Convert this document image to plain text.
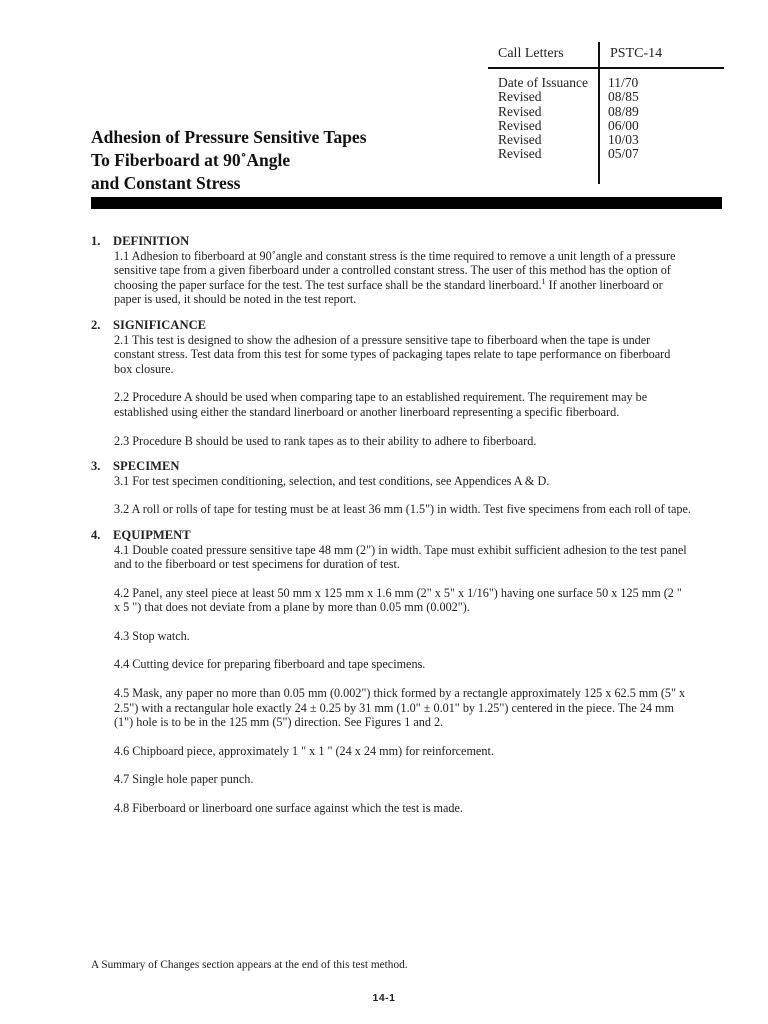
Call Letters	PSTC-14
Date of Issuance 11/70
Revised	08/85
Revised	08/89
Revised	06/00
Revised	10/03
Revised	05/07
Adhesion of Pressure Sensitive Tapes
To Fiberboard at 90˚Angle
and Constant Stress
1. DEFINITION
1.1 Adhesion to fiberboard at 90˚angle and constant stress is the time required to remove a unit length of a pressure sensitive tape from a given fiberboard under a controlled constant stress. The user of this method has the option of choosing the paper surface for the test. The test surface shall be the standard linerboard.$^1$ If another linerboard or paper is used, it should be noted in the test report.
2. SIGNIFICANCE
2.1 This test is designed to show the adhesion of a pressure sensitive tape to fiberboard when the tape is under constant stress. Test data from this test for some types of packaging tapes relate to tape performance on fiberboard box closure.
2.2 Procedure A should be used when comparing tape to an established requirement. The requirement may be established using either the standard linerboard or another linerboard representing a specific fiberboard.
2.3 Procedure B should be used to rank tapes as to their ability to adhere to fiberboard.
3. SPECIMEN
3.1 For test specimen conditioning, selection, and test conditions, see Appendices A & D.
3.2 A roll or rolls of tape for testing must be at least 36 mm (1.5") in width. Test five specimens from each roll of tape.
4. EQUIPMENT
4.1 Double coated pressure sensitive tape 48 mm (2") in width. Tape must exhibit sufficient adhesion to the test panel and to the fiberboard or test specimens for duration of test.
4.2 Panel, any steel piece at least 50 mm x 125 mm x 1.6 mm (2" x 5" x 1/16") having one surface 50 x 125 mm (2 " x 5 ") that does not deviate from a plane by more than 0.05 mm (0.002").
4.3 Stop watch.
4.4 Cutting device for preparing fiberboard and tape specimens.
4.5 Mask, any paper no more than 0.05 mm (0.002") thick formed by a rectangle approximately 125 x 62.5 mm (5" x 2.5") with a rectangular hole exactly 24 ± 0.25 by 31 mm (1.0" ± 0.01" by 1.25") centered in the piece. The 24 mm (1") hole is to be in the 125 mm (5") direction. See Figures 1 and 2.
4.6 Chipboard piece, approximately 1 " x 1 " (24 x 24 mm) for reinforcement.
4.7 Single hole paper punch.
4.8 Fiberboard or linerboard one surface against which the test is made.
A Summary of Changes section appears at the end of this test method.
14-1
